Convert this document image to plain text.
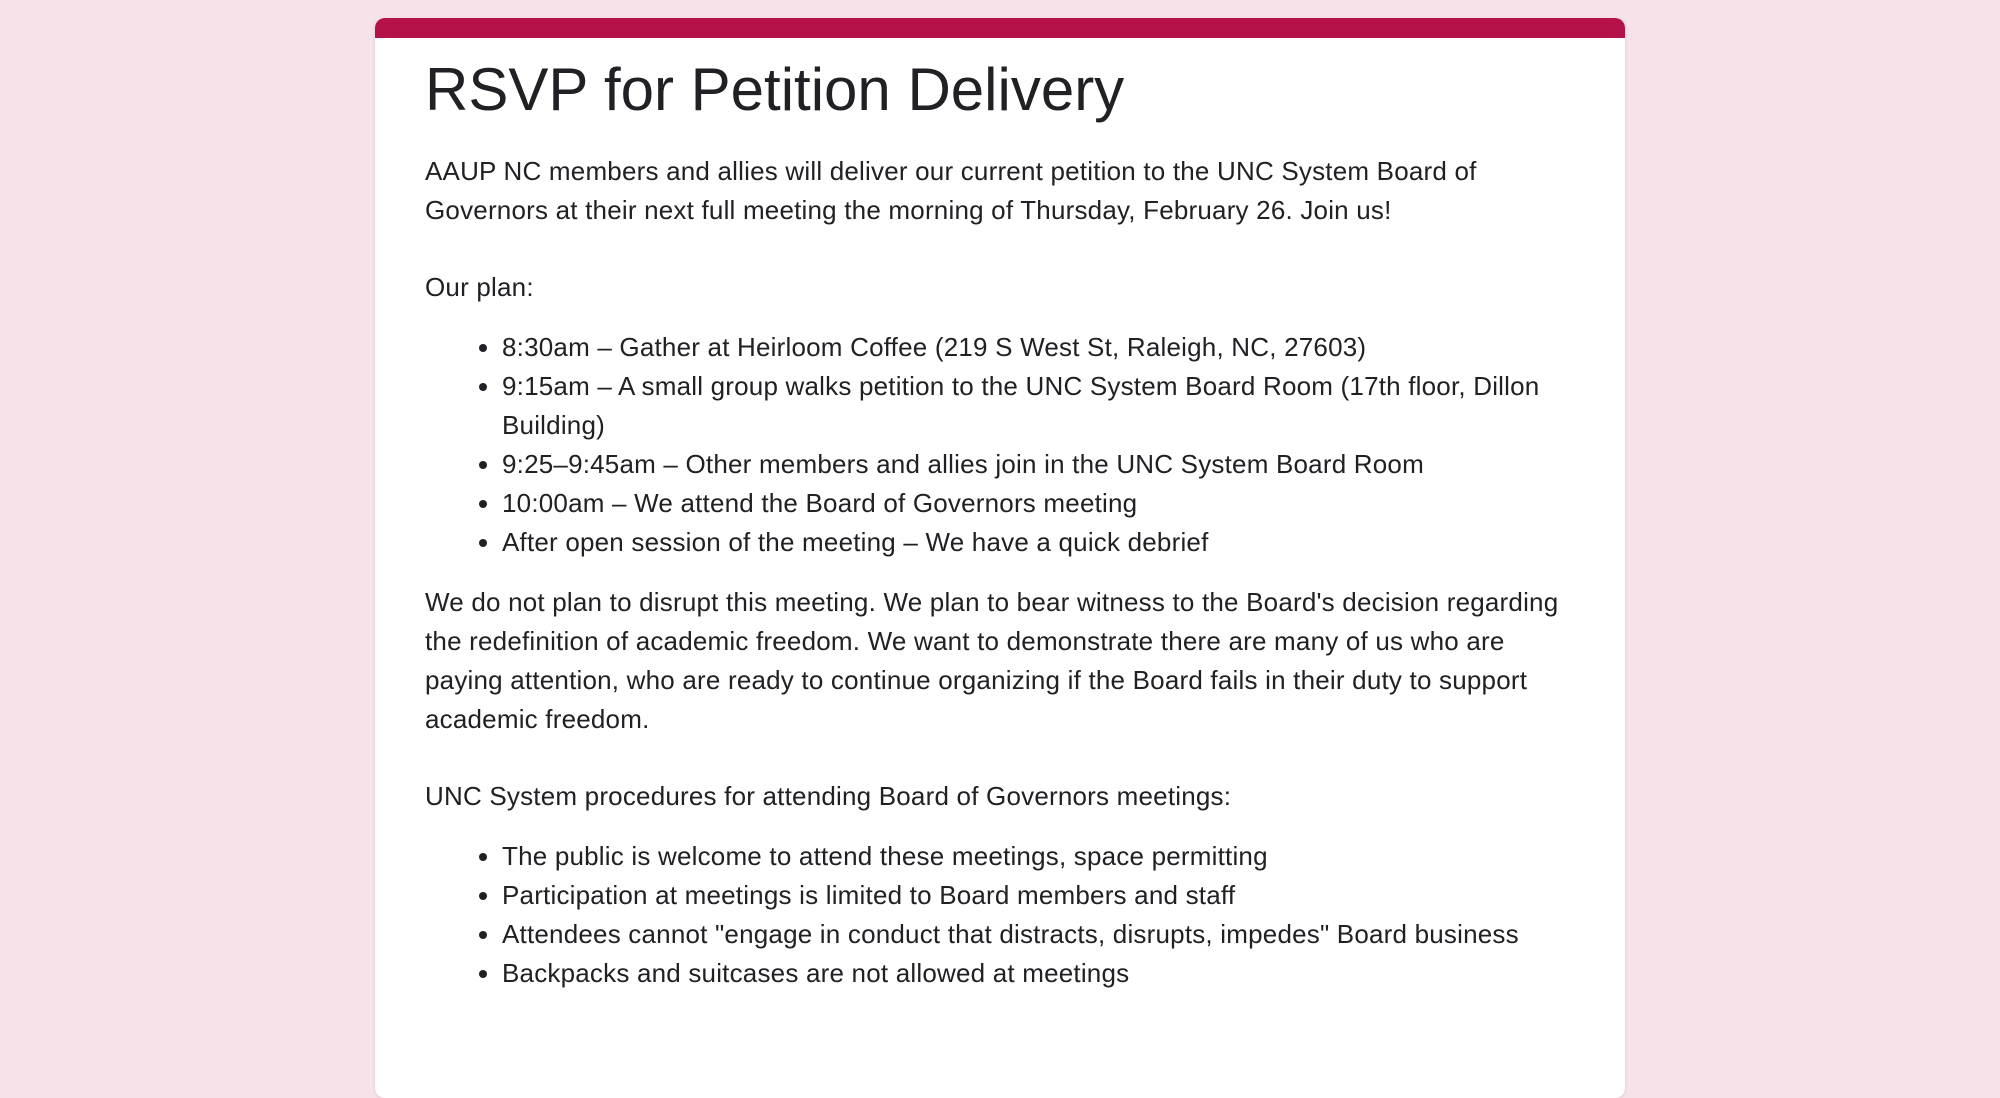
RSVP for Petition Delivery

AAUP NC members and allies will deliver our current petition to the UNC System Board of Governors at their next full meeting the morning of Thursday, February 26. Join us!

Our plan:

• 8:30am – Gather at Heirloom Coffee (219 S West St, Raleigh, NC, 27603)
• 9:15am – A small group walks petition to the UNC System Board Room (17th floor, Dillon Building)
• 9:25–9:45am – Other members and allies join in the UNC System Board Room
• 10:00am – We attend the Board of Governors meeting
• After open session of the meeting – We have a quick debrief

We do not plan to disrupt this meeting. We plan to bear witness to the Board's decision regarding the redefinition of academic freedom. We want to demonstrate there are many of us who are paying attention, who are ready to continue organizing if the Board fails in their duty to support academic freedom.

UNC System procedures for attending Board of Governors meetings:

• The public is welcome to attend these meetings, space permitting
• Participation at meetings is limited to Board members and staff
• Attendees cannot "engage in conduct that distracts, disrupts, impedes" Board business
• Backpacks and suitcases are not allowed at meetings
